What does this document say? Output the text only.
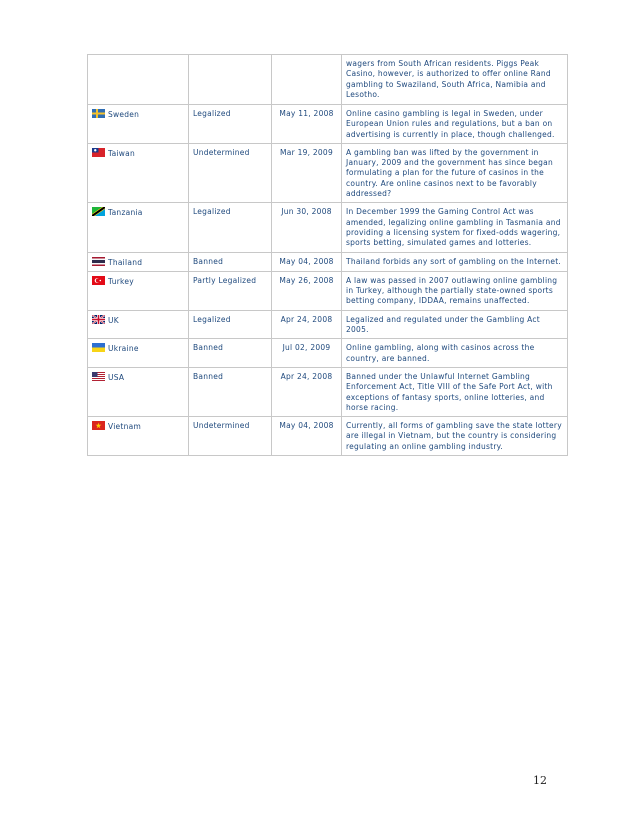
			wagers from South African residents. Piggs Peak Casino, however, is authorized to offer online Rand gambling to Swaziland, South Africa, Namibia and Lesotho.
Sweden	Legalized	May 11, 2008	Online casino gambling is legal in Sweden, under European Union rules and regulations, but a ban on advertising is currently in place, though challenged.
Taiwan	Undetermined	Mar 19, 2009	A gambling ban was lifted by the government in January, 2009 and the government has since began formulating a plan for the future of casinos in the country. Are online casinos next to be favorably addressed?
Tanzania	Legalized	Jun 30, 2008	In December 1999 the Gaming Control Act was amended, legalizing online gambling in Tasmania and providing a licensing system for fixed-odds wagering, sports betting, simulated games and lotteries.
Thailand	Banned	May 04, 2008	Thailand forbids any sort of gambling on the Internet.
Turkey	Partly Legalized	May 26, 2008	A law was passed in 2007 outlawing online gambling in Turkey, although the partially state-owned sports betting company, IDDAA, remains unaffected.
UK	Legalized	Apr 24, 2008	Legalized and regulated under the Gambling Act 2005.
Ukraine	Banned	Jul 02, 2009	Online gambling, along with casinos across the country, are banned.
USA	Banned	Apr 24, 2008	Banned under the Unlawful Internet Gambling Enforcement Act, Title VIII of the Safe Port Act, with exceptions of fantasy sports, online lotteries, and horse racing.
Vietnam	Undetermined	May 04, 2008	Currently, all forms of gambling save the state lottery are illegal in Vietnam, but the country is considering regulating an online gambling industry.
12
